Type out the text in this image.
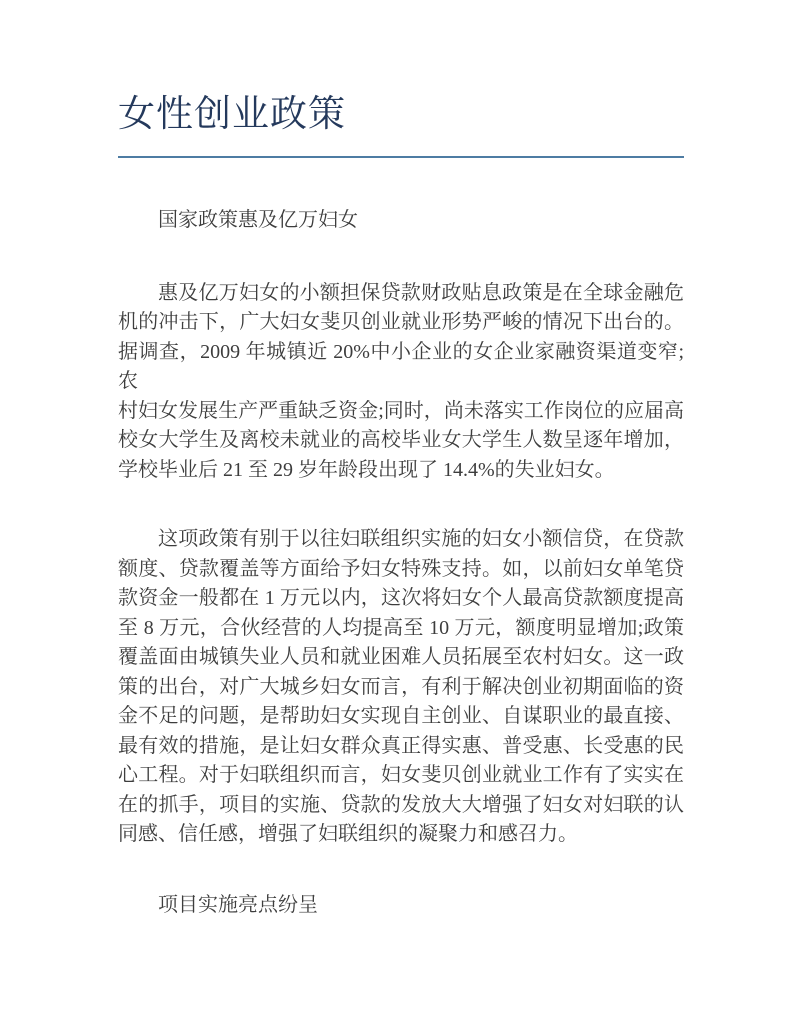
女性创业政策
国家政策惠及亿万妇女
惠及亿万妇女的小额担保贷款财政贴息政策是在全球金融危
机的冲击下，广大妇女斐贝创业就业形势严峻的情况下出台的。
据调查，2009 年城镇近 20%中小企业的女企业家融资渠道变窄;农
村妇女发展生产严重缺乏资金;同时，尚未落实工作岗位的应届高
校女大学生及离校未就业的高校毕业女大学生人数呈逐年增加，
学校毕业后 21 至 29 岁年龄段出现了 14.4%的失业妇女。
这项政策有别于以往妇联组织实施的妇女小额信贷，在贷款
额度、贷款覆盖等方面给予妇女特殊支持。如，以前妇女单笔贷
款资金一般都在 1 万元以内，这次将妇女个人最高贷款额度提高
至 8 万元，合伙经营的人均提高至 10 万元，额度明显增加;政策
覆盖面由城镇失业人员和就业困难人员拓展至农村妇女。这一政
策的出台，对广大城乡妇女而言，有利于解决创业初期面临的资
金不足的问题，是帮助妇女实现自主创业、自谋职业的最直接、
最有效的措施，是让妇女群众真正得实惠、普受惠、长受惠的民
心工程。对于妇联组织而言，妇女斐贝创业就业工作有了实实在
在的抓手，项目的实施、贷款的发放大大增强了妇女对妇联的认
同感、信任感，增强了妇联组织的凝聚力和感召力。
项目实施亮点纷呈
